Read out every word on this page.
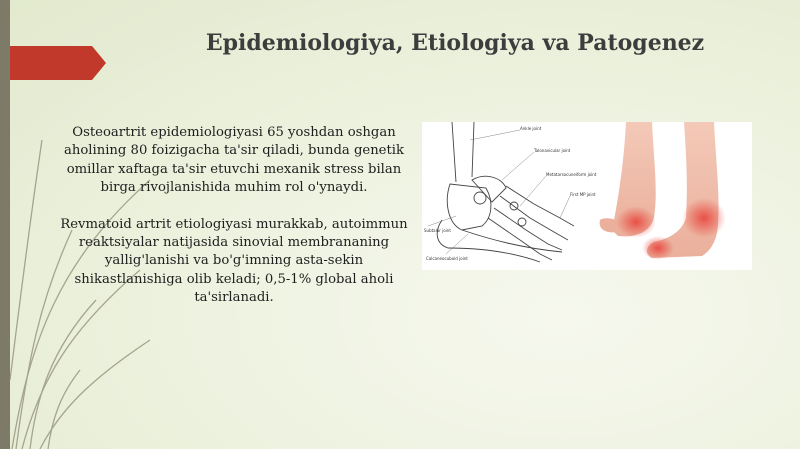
Epidemiologiya, Etiologiya va Patogenez

Osteoartrit epidemiologiyasi 65 yoshdan oshgan aholining 80 foizigacha ta'sir qiladi, bunda genetik omillar xaftaga ta'sir etuvchi mexanik stress bilan birga rivojlanishida muhim rol o'ynaydi.

Revmatoid artrit etiologiyasi murakkab, autoimmun reaktsiyalar natijasida sinovial membrananing yallig'lanishi va bo'g'imning asta-sekin shikastlanishiga olib keladi; 0,5-1% global aholi ta'sirlanadi.

Ankle joint
Talonavicular joint
Metatarsocuneiform joint
First MP joint
Subtalar joint
Calcaneocuboid joint
